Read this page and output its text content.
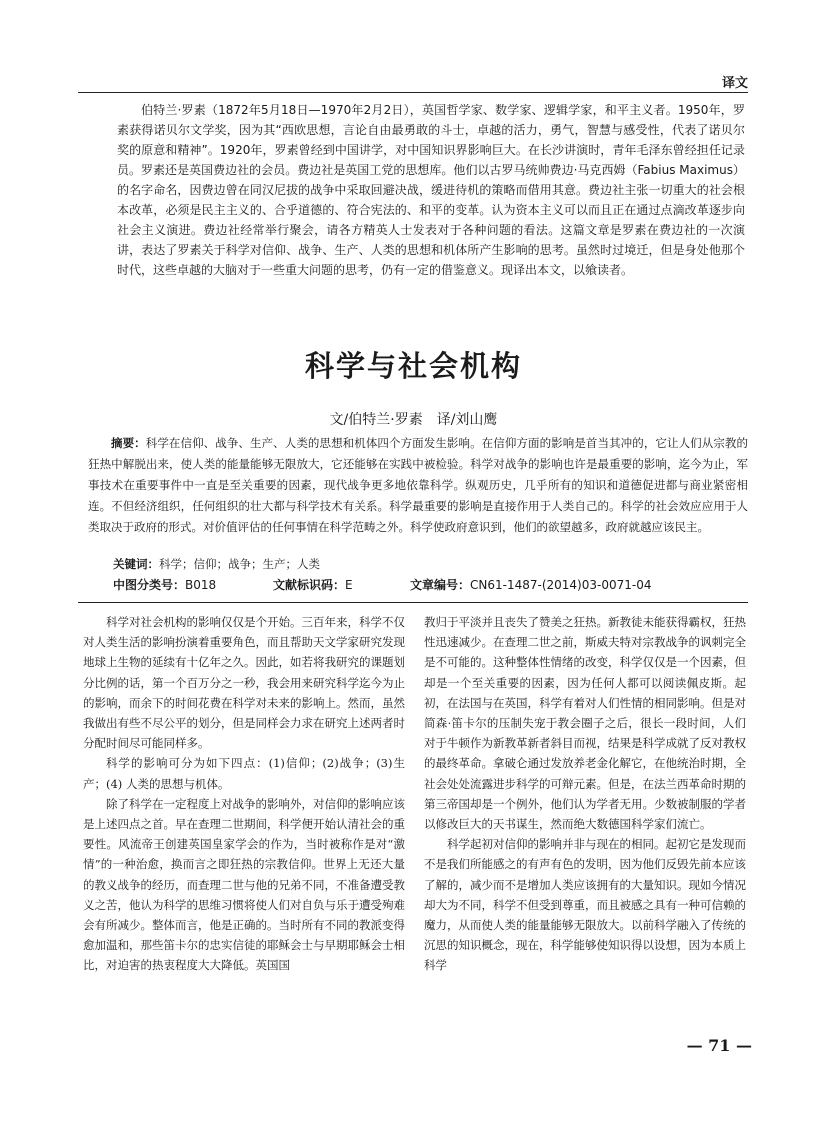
译文
伯特兰·罗素（1872年5月18日—1970年2月2日），英国哲学家、数学家、逻辑学家，和平主义者。1950年，罗素获得诺贝尔文学奖，因为其“西欧思想，言论自由最勇敢的斗士，卓越的活力，勇气，智慧与感受性，代表了诺贝尔奖的原意和精神”。1920年，罗素曾经到中国讲学，对中国知识界影响巨大。在长沙讲演时，青年毛泽东曾经担任记录员。罗素还是英国费边社的会员。费边社是英国工党的思想库。他们以古罗马统帅费边·马克西姆（Fabius Maximus）的名字命名，因费边曾在同汉尼拔的战争中采取回避决战，缓进待机的策略而借用其意。费边社主张一切重大的社会根本改革，必须是民主主义的、合乎道德的、符合宪法的、和平的变革。认为资本主义可以而且正在通过点滴改革逐步向社会主义演进。费边社经常举行聚会，请各方精英人士发表对于各种问题的看法。这篇文章是罗素在费边社的一次演讲，表达了罗素关于科学对信仰、战争、生产、人类的思想和机体所产生影响的思考。虽然时过境迁，但是身处他那个时代，这些卓越的大脑对于一些重大问题的思考，仍有一定的借鉴意义。现译出本文，以飨读者。
科学与社会机构
文/伯特兰·罗素　译/刘山鹰
摘要：科学在信仰、战争、生产、人类的思想和机体四个方面发生影响。在信仰方面的影响是首当其冲的，它让人们从宗教的狂热中解脱出来，使人类的能量能够无限放大，它还能够在实践中被检验。科学对战争的影响也许是最重要的影响，迄今为止，军事技术在重要事件中一直是至关重要的因素，现代战争更多地依靠科学。纵观历史，几乎所有的知识和道德促进都与商业紧密相连。不但经济组织，任何组织的壮大都与科学技术有关系。科学最重要的影响是直接作用于人类自己的。科学的社会效应应用于人类取决于政府的形式。对价值评估的任何事情在科学范畴之外。科学使政府意识到，他们的欲望越多，政府就越应该民主。
关键词：科学；信仰；战争；生产；人类
中图分类号：B018	文献标识码：E	文章编号：CN61-1487-(2014)03-0071-04

科学对社会机构的影响仅仅是个开始。三百年来，科学不仅对人类生活的影响扮演着重要角色，而且帮助天文学家研究发现地球上生物的延续有十亿年之久。因此，如若将我研究的课题划分比例的话，第一个百万分之一秒，我会用来研究科学迄今为止的影响，而余下的时间花费在科学对未来的影响上。然而，虽然我做出有些不尽公平的划分，但是同样会力求在研究上述两者时分配时间尽可能同样多。

科学的影响可分为如下四点：(1)信仰；(2)战争；(3)生产；(4) 人类的思想与机体。

除了科学在一定程度上对战争的影响外，对信仰的影响应该是上述四点之首。早在查理二世期间，科学便开始认清社会的重要性。风流帝王创建英国皇家学会的作为，当时被称作是对“激情”的一种治愈，换而言之即狂热的宗教信仰。世界上无还大量的教义战争的经历，而查理二世与他的兄弟不同，不准备遭受教义之苦，他认为科学的思维习惯将使人们对自负与乐于遭受殉难会有所减少。整体而言，他是正确的。当时所有不同的教派变得愈加温和，那些笛卡尔的忠实信徒的耶稣会士与早期耶稣会士相比，对迫害的热衷程度大大降低。英国国

教归于平淡并且丧失了赞美之狂热。新教徒未能获得霸权，狂热性迅速减少。在查理二世之前，斯威夫特对宗教战争的讽刺完全是不可能的。这种整体性情绪的改变，科学仅仅是一个因素，但却是一个至关重要的因素，因为任何人都可以阅读佩皮斯。起初，在法国与在英国，科学有着对人们性情的相同影响。但是对简森·笛卡尔的压制失宠于教会圈子之后，很长一段时间，人们对于牛顿作为新教革新者斜目而视，结果是科学成就了反对教权的最终革命。拿破仑通过发放养老金化解它，在他统治时期，全社会处处流露进步科学的可辩元素。但是，在法兰西革命时期的第三帝国却是一个例外，他们认为学者无用。少数被制服的学者以修改巨大的天书谋生，然而绝大数德国科学家们流亡。

科学起初对信仰的影响并非与现在的相同。起初它是发现而不是我们所能感之的有声有色的发明，因为他们反毁先前本应该了解的，减少而不是增加人类应该拥有的大量知识。现如今情况却大为不同，科学不但受到尊重，而且被感之具有一种可信赖的魔力，从而使人类的能量能够无限放大。以前科学融入了传统的沉思的知识概念，现在，科学能够使知识得以设想，因为本质上科学

— 71 —
